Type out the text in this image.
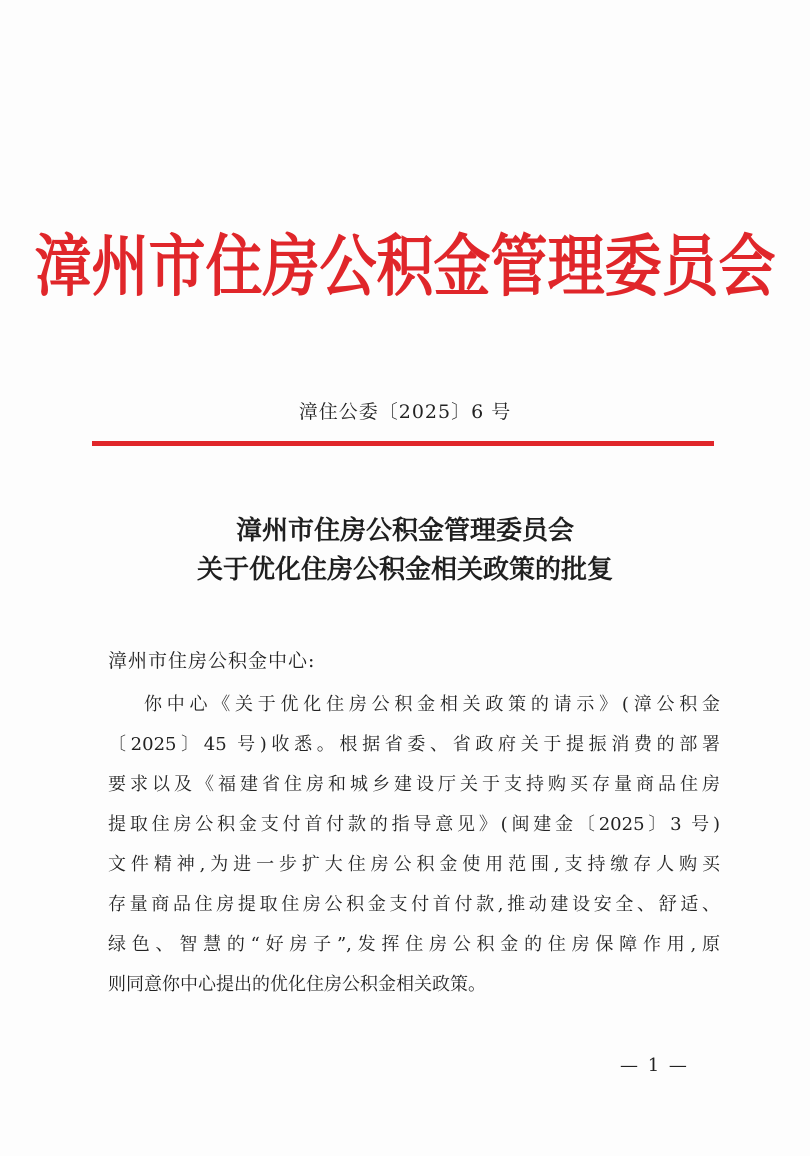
漳州市住房公积金管理委员会
漳住公委〔2025〕6 号
漳州市住房公积金管理委员会
关于优化住房公积金相关政策的批复
漳州市住房公积金中心:
你中心《关于优化住房公积金相关政策的请示》(漳公积金
〔2025〕45 号)收悉。根据省委、省政府关于提振消费的部署
要求以及《福建省住房和城乡建设厅关于支持购买存量商品住房
提取住房公积金支付首付款的指导意见》(闽建金〔2025〕3 号)
文件精神,为进一步扩大住房公积金使用范围,支持缴存人购买
存量商品住房提取住房公积金支付首付款,推动建设安全、舒适、
绿色、智慧的“好房子”,发挥住房公积金的住房保障作用,原
则同意你中心提出的优化住房公积金相关政策。
— 1 —
